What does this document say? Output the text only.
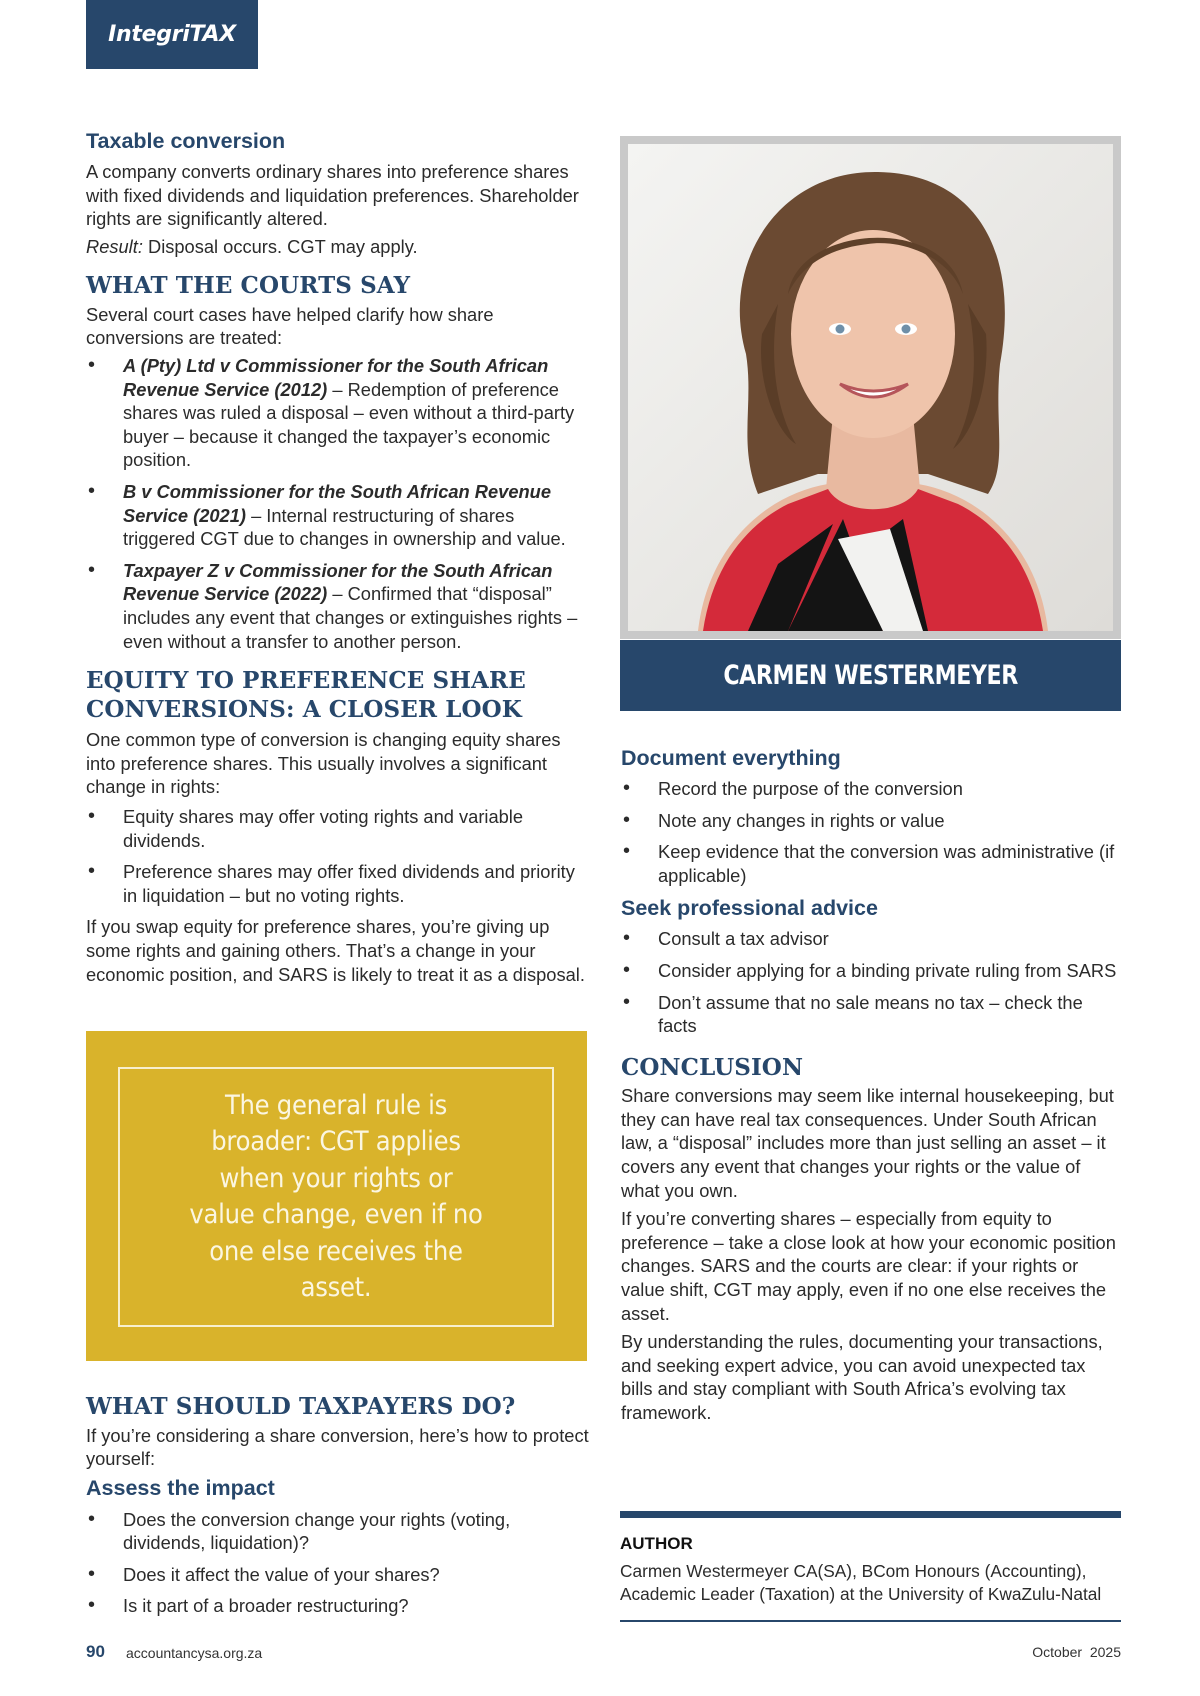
IntegriTAX
Taxable conversion

A company converts ordinary shares into preference shares with fixed dividends and liquidation preferences. Shareholder rights are significantly altered.

Result: Disposal occurs. CGT may apply.

WHAT THE COURTS SAY

Several court cases have helped clarify how share conversions are treated:

• A (Pty) Ltd v Commissioner for the South African Revenue Service (2012) – Redemption of preference shares was ruled a disposal – even without a third-party buyer – because it changed the taxpayer’s economic position.
• B v Commissioner for the South African Revenue Service (2021) – Internal restructuring of shares triggered CGT due to changes in ownership and value.
• Taxpayer Z v Commissioner for the South African Revenue Service (2022) – Confirmed that “disposal” includes any event that changes or extinguishes rights – even without a transfer to another person.
EQUITY TO PREFERENCE SHARE CONVERSIONS: A CLOSER LOOK

One common type of conversion is changing equity shares into preference shares. This usually involves a significant change in rights:

• Equity shares may offer voting rights and variable dividends.
• Preference shares may offer fixed dividends and priority in liquidation – but no voting rights.

If you swap equity for preference shares, you’re giving up some rights and gaining others. That’s a change in your economic position, and SARS is likely to treat it as a disposal.

The general rule is broader: CGT applies when your rights or value change, even if no one else receives the asset.
WHAT SHOULD TAXPAYERS DO?

If you’re considering a share conversion, here’s how to protect yourself:

Assess the impact
• Does the conversion change your rights (voting, dividends, liquidation)?
• Does it affect the value of your shares?
• Is it part of a broader restructuring?
CARMEN WESTERMEYER
Document everything
• Record the purpose of the conversion
• Note any changes in rights or value
• Keep evidence that the conversion was administrative (if applicable)
Seek professional advice
• Consult a tax advisor
• Consider applying for a binding private ruling from SARS
• Don’t assume that no sale means no tax – check the facts
CONCLUSION

Share conversions may seem like internal housekeeping, but they can have real tax consequences. Under South African law, a “disposal” includes more than just selling an asset – it covers any event that changes your rights or the value of what you own.

If you’re converting shares – especially from equity to preference – take a close look at how your economic position changes. SARS and the courts are clear: if your rights or value shift, CGT may apply, even if no one else receives the asset.

By understanding the rules, documenting your transactions, and seeking expert advice, you can avoid unexpected tax bills and stay compliant with South Africa’s evolving tax framework.

AUTHOR

Carmen Westermeyer CA(SA), BCom Honours (Accounting), Academic Leader (Taxation) at the University of KwaZulu-Natal

90 accountancysa.org.za	October  2025
